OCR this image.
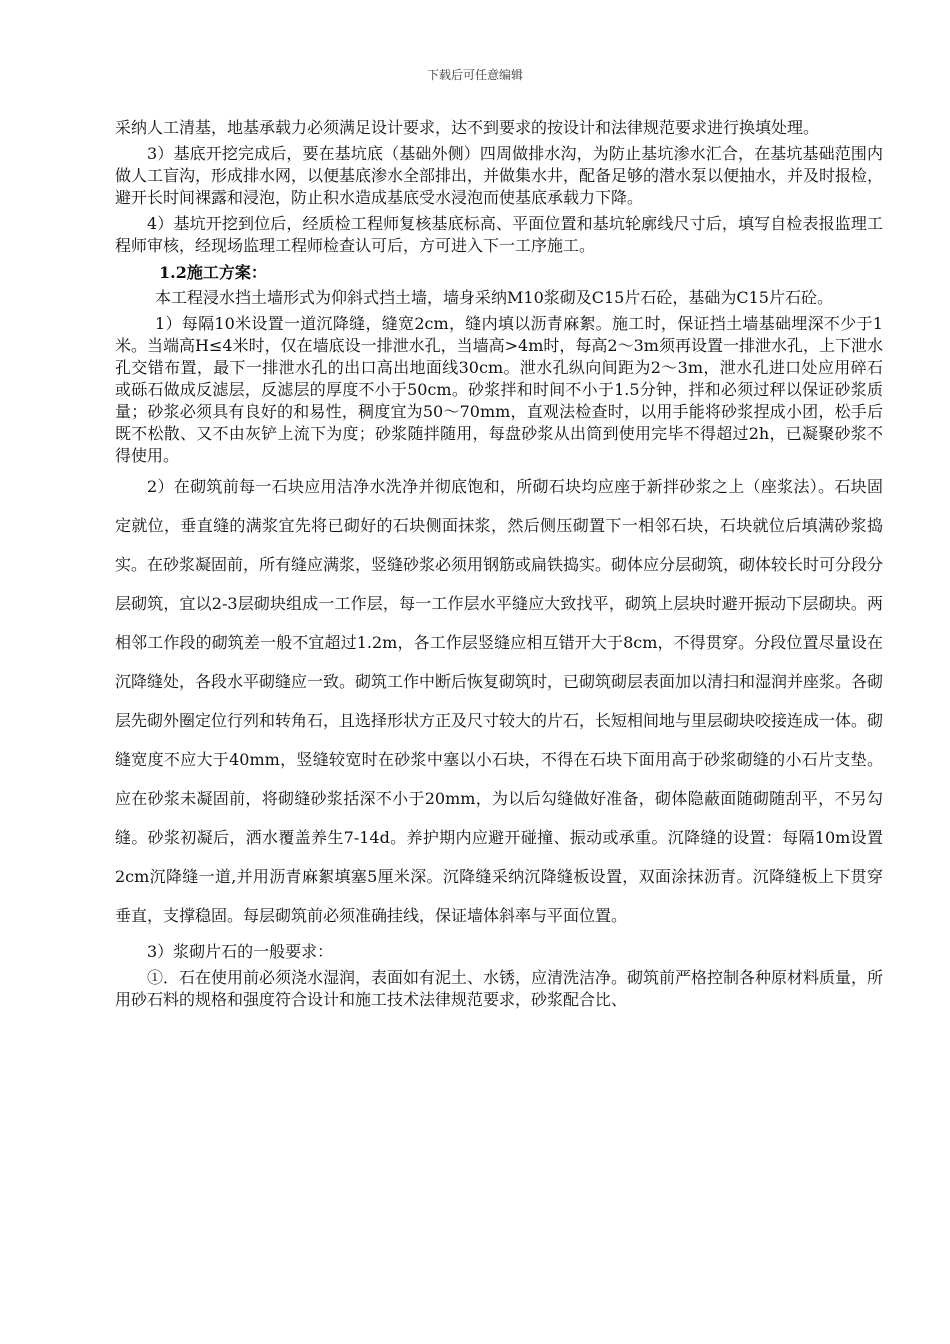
下载后可任意编辑

采纳人工清基，地基承载力必须满足设计要求，达不到要求的按设计和法律规范要求进行换填处理。

3）基底开挖完成后，要在基坑底（基础外侧）四周做排水沟，为防止基坑渗水汇合，在基坑基础范围内做人工盲沟，形成排水网，以便基底渗水全部排出，并做集水井，配备足够的潜水泵以便抽水，并及时报检，避开长时间裸露和浸泡，防止积水造成基底受水浸泡而使基底承载力下降。

4）基坑开挖到位后，经质检工程师复核基底标高、平面位置和基坑轮廓线尺寸后，填写自检表报监理工程师审核，经现场监理工程师检查认可后，方可进入下一工序施工。

1.2施工方案：

本工程浸水挡土墙形式为仰斜式挡土墙，墙身采纳M10浆砌及C15片石砼，基础为C15片石砼。

1）每隔10米设置一道沉降缝，缝宽2cm，缝内填以沥青麻絮。施工时，保证挡土墙基础埋深不少于1米。当端高H≤4米时，仅在墙底设一排泄水孔，当墙高>4m时，每高2～3m须再设置一排泄水孔，上下泄水孔交错布置，最下一排泄水孔的出口高出地面线30cm。泄水孔纵向间距为2～3m，泄水孔进口处应用碎石或砾石做成反滤层，反滤层的厚度不小于50cm。砂浆拌和时间不小于1.5分钟，拌和必须过秤以保证砂浆质量；砂浆必须具有良好的和易性，稠度宜为50～70mm，直观法检查时，以用手能将砂浆捏成小团，松手后既不松散、又不由灰铲上流下为度；砂浆随拌随用，每盘砂浆从出筒到使用完毕不得超过2h，已凝聚砂浆不得使用。

2）在砌筑前每一石块应用洁净水洗净并彻底饱和，所砌石块均应座于新拌砂浆之上（座浆法）。石块固定就位，垂直缝的满浆宜先将已砌好的石块侧面抹浆，然后侧压砌置下一相邻石块，石块就位后填满砂浆捣实。在砂浆凝固前，所有缝应满浆，竖缝砂浆必须用钢筋或扁铁捣实。砌体应分层砌筑，砌体较长时可分段分层砌筑，宜以2-3层砌块组成一工作层，每一工作层水平缝应大致找平，砌筑上层块时避开振动下层砌块。两相邻工作段的砌筑差一般不宜超过1.2m，各工作层竖缝应相互错开大于8cm，不得贯穿。分段位置尽量设在沉降缝处，各段水平砌缝应一致。砌筑工作中断后恢复砌筑时，已砌筑砌层表面加以清扫和湿润并座浆。各砌层先砌外圈定位行列和转角石，且选择形状方正及尺寸较大的片石，长短相间地与里层砌块咬接连成一体。砌缝宽度不应大于40mm，竖缝较宽时在砂浆中塞以小石块，不得在石块下面用高于砂浆砌缝的小石片支垫。应在砂浆未凝固前，将砌缝砂浆括深不小于20mm，为以后勾缝做好准备，砌体隐蔽面随砌随刮平，不另勾缝。砂浆初凝后，洒水覆盖养生7-14d。养护期内应避开碰撞、振动或承重。沉降缝的设置：每隔10m设置2cm沉降缝一道,并用沥青麻絮填塞5厘米深。沉降缝采纳沉降缝板设置，双面涂抹沥青。沉降缝板上下贯穿垂直，支撑稳固。每层砌筑前必须准确挂线，保证墙体斜率与平面位置。

3）浆砌片石的一般要求：

①．石在使用前必须浇水湿润，表面如有泥土、水锈，应清洗洁净。砌筑前严格控制各种原材料质量，所用砂石料的规格和强度符合设计和施工技术法律规范要求，砂浆配合比、
